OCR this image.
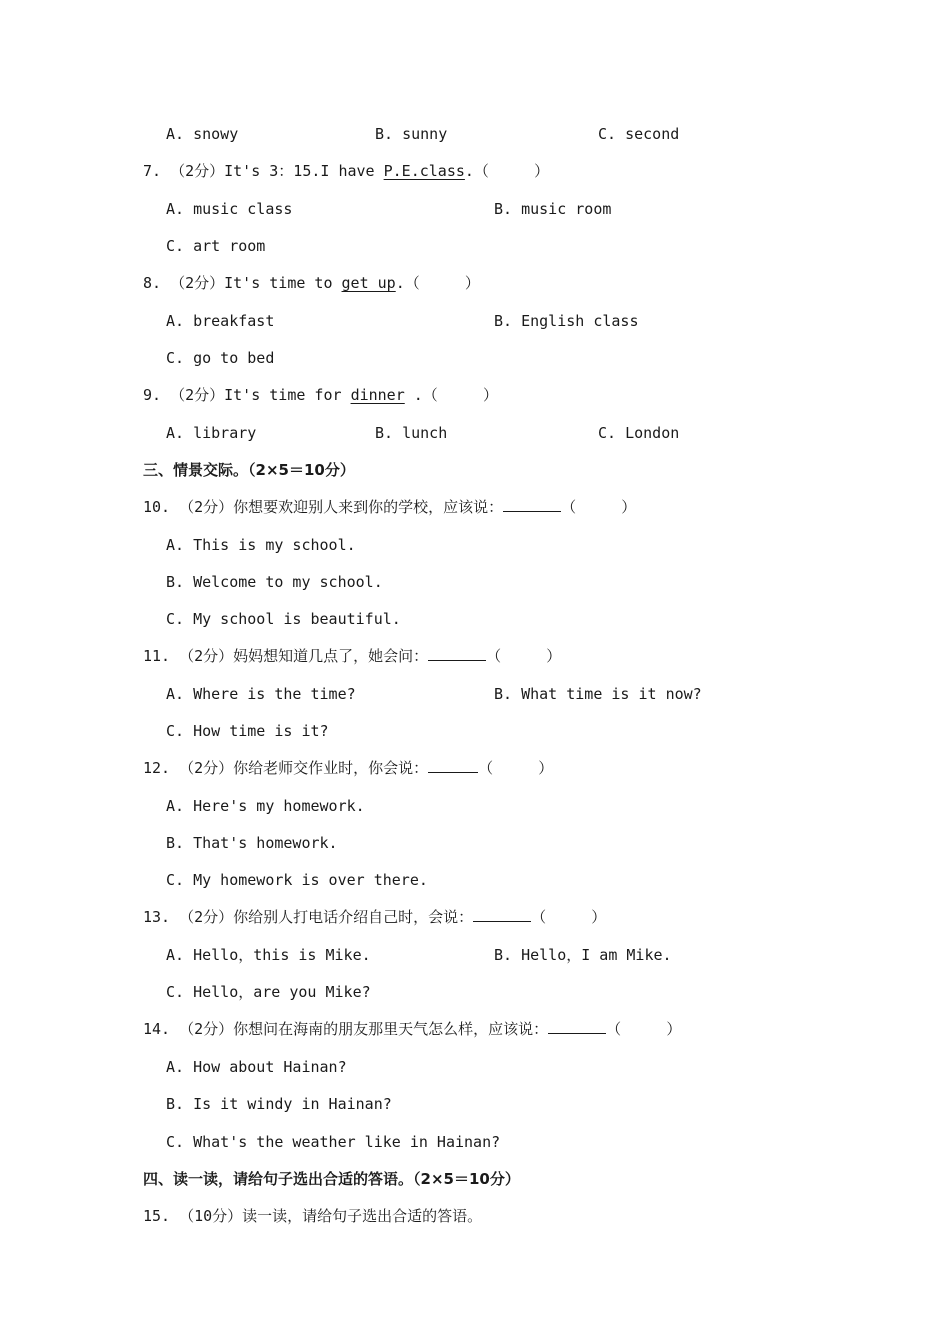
A. snowy	B. sunny	C. second
7. （2分）It's 3：15.I have P.E.class.（     ）
A. music class	B. music room
C. art room
8. （2分）It's time to get up.（     ）
A. breakfast	B. English class
C. go to bed
9. （2分）It's time for dinner .（     ）
A. library	B. lunch	C. London
三、情景交际。（2×5＝10分）
10. （2分）你想要欢迎别人来到你的学校，应该说：	（     ）
A. This is my school.
B. Welcome to my school.
C. My school is beautiful.
11. （2分）妈妈想知道几点了，她会问：	（     ）
A. Where is the time?	B. What time is it now?
C. How time is it?
12. （2分）你给老师交作业时，你会说：	（     ）
A. Here's my homework.
B. That's homework.
C. My homework is over there.
13. （2分）你给别人打电话介绍自己时，会说：	（     ）
A. Hello，this is Mike.	B. Hello，I am Mike.
C. Hello，are you Mike?
14. （2分）你想问在海南的朋友那里天气怎么样，应该说：	（     ）
A. How about Hainan?
B. Is it windy in Hainan?
C. What's the weather like in Hainan?
四、读一读，请给句子选出合适的答语。（2×5＝10分）
15. （10分）读一读，请给句子选出合适的答语。
